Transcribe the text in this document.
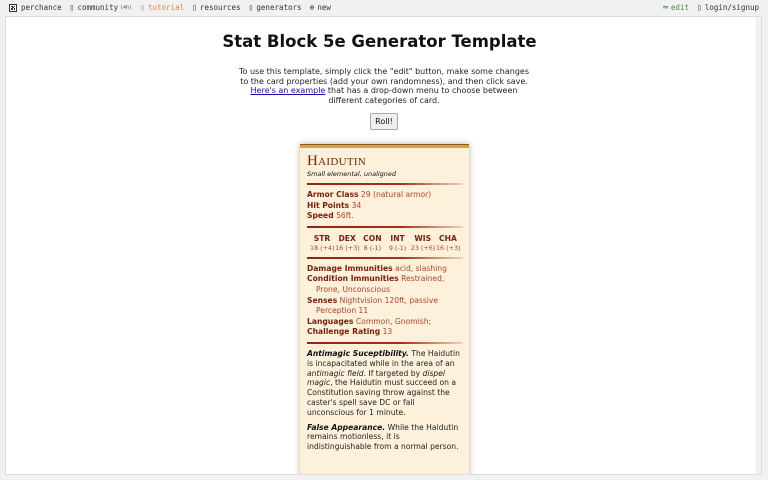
perchance ▯ community (4h) ▯ tutorial ▯ resources ▯ generators ⊕ new	═ edit ▯ login/signup
Stat Block 5e Generator Template
To use this template, simply click the "edit" button, make some changes to the card properties (add your own randomness), and then click save. Here's an example that has a drop-down menu to choose between different categories of card.
Roll!
Haidutin
Small elemental, unaligned
Armor Class 29 (natural armor)
Hit Points 34
Speed 56ft.
STR
18 (+4)
DEX
16 (+3)
CON
8 (-1)
INT
9 (-1)
WIS
23 (+6)
CHA
16 (+3)
Damage Immunities acid, slashing
Condition Immunities Restrained, Prone, Unconscious
Senses Nightvision 120ft, passive Perception 11
Languages Common, Gnomish;
Challenge Rating 13
Antimagic Suceptibility. The Haidutin is incapacitated while in the area of an antimagic field. If targeted by dispel magic, the Haidutin must succeed on a Constitution saving throw against the caster's spell save DC or fall unconscious for 1 minute.
False Appearance. While the Haidutin remains motionless, it is indistinguishable from a normal person.
